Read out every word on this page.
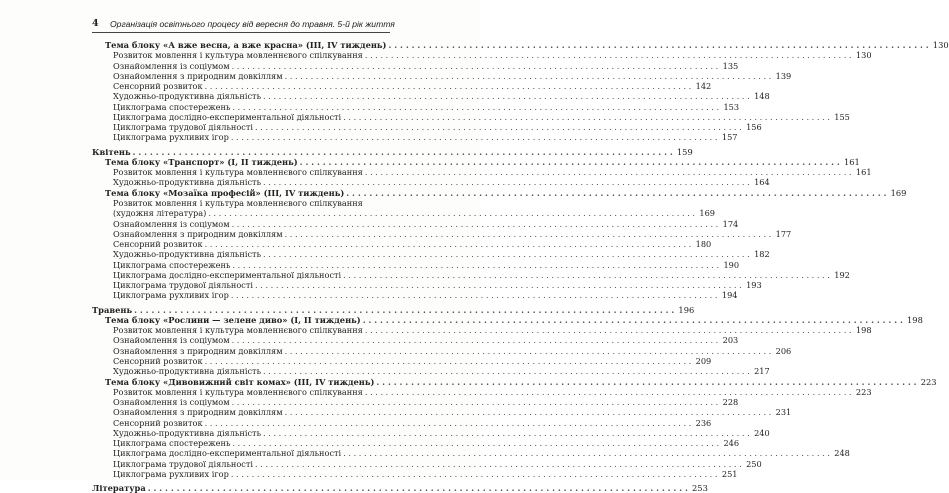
4 Організація освітнього процесу від вересня до травня. 5-й рік життя
Тема блоку «А вже весна, а вже красна» (III, IV тиждень) . . .	130
Розвиток мовлення і культура мовленнєвого спілкування . . .	130
Ознайомлення із соціумом . . .	135
Ознайомлення з природним довкіллям . . .	139
Сенсорний розвиток . . .	142
Художньо-продуктивна діяльність . . .	148
Циклограма спостережень . . .	153
Циклограма дослідно-експериментальної діяльності . . .	155
Циклограма трудової діяльності . . .	156
Циклограма рухливих ігор . . .	157
Квітень . . .	159
Тема блоку «Транспорт» (I, II тиждень) . . .	161
Розвиток мовлення і культура мовленнєвого спілкування . . .	161
Художньо-продуктивна діяльність . . .	164
Тема блоку «Мозаїка професій» (III, IV тиждень) . . .	169
Розвиток мовлення і культура мовленнєвого спілкування
(художня література) . . .	169
Ознайомлення із соціумом . . .	174
Ознайомлення з природним довкіллям . . .	177
Сенсорний розвиток . . .	180
Художньо-продуктивна діяльність . . .	182
Циклограма спостережень . . .	190
Циклограма дослідно-експериментальної діяльності . . .	192
Циклограма трудової діяльності . . .	193
Циклограма рухливих ігор . . .	194
Травень . . .	196
Тема блоку «Рослини — зелене диво» (I, II тиждень) . . .	198
Розвиток мовлення і культура мовленнєвого спілкування . . .	198
Ознайомлення із соціумом . . .	203
Ознайомлення з природним довкіллям . . .	206
Сенсорний розвиток . . .	209
Художньо-продуктивна діяльність . . .	217
Тема блоку «Дивовижний світ комах» (III, IV тиждень) . . .	223
Розвиток мовлення і культура мовленнєвого спілкування . . .	223
Ознайомлення із соціумом . . .	228
Ознайомлення з природним довкіллям . . .	231
Сенсорний розвиток . . .	236
Художньо-продуктивна діяльність . . .	240
Циклограма спостережень . . .	246
Циклограма дослідно-експериментальної діяльності . . .	248
Циклограма трудової діяльності . . .	250
Циклограма рухливих ігор . . .	251
Література . . .	253
